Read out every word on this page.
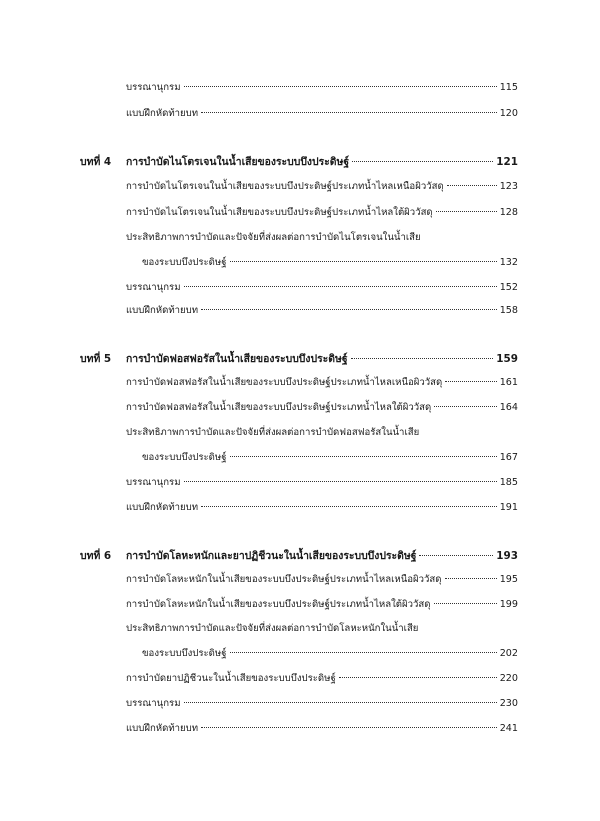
บรรณานุกรม	115
แบบฝึกหัดท้ายบท	120
บทที่ 4	การบำบัดไนโตรเจนในน้ำเสียของระบบบึงประดิษฐ์	121
การบำบัดไนโตรเจนในน้ำเสียของระบบบึงประดิษฐ์ประเภทน้ำไหลเหนือผิววัสดุ	123
การบำบัดไนโตรเจนในน้ำเสียของระบบบึงประดิษฐ์ประเภทน้ำไหลใต้ผิววัสดุ	128
ประสิทธิภาพการบำบัดและปัจจัยที่ส่งผลต่อการบำบัดไนโตรเจนในน้ำเสีย
ของระบบบึงประดิษฐ์	132
บรรณานุกรม	152
แบบฝึกหัดท้ายบท	158
บทที่ 5	การบำบัดฟอสฟอรัสในน้ำเสียของระบบบึงประดิษฐ์	159
การบำบัดฟอสฟอรัสในน้ำเสียของระบบบึงประดิษฐ์ประเภทน้ำไหลเหนือผิววัสดุ	161
การบำบัดฟอสฟอรัสในน้ำเสียของระบบบึงประดิษฐ์ประเภทน้ำไหลใต้ผิววัสดุ	164
ประสิทธิภาพการบำบัดและปัจจัยที่ส่งผลต่อการบำบัดฟอสฟอรัสในน้ำเสีย
ของระบบบึงประดิษฐ์	167
บรรณานุกรม	185
แบบฝึกหัดท้ายบท	191
บทที่ 6	การบำบัดโลหะหนักและยาปฏิชีวนะในน้ำเสียของระบบบึงประดิษฐ์	193
การบำบัดโลหะหนักในน้ำเสียของระบบบึงประดิษฐ์ประเภทน้ำไหลเหนือผิววัสดุ	195
การบำบัดโลหะหนักในน้ำเสียของระบบบึงประดิษฐ์ประเภทน้ำไหลใต้ผิววัสดุ	199
ประสิทธิภาพการบำบัดและปัจจัยที่ส่งผลต่อการบำบัดโลหะหนักในน้ำเสีย
ของระบบบึงประดิษฐ์	202
การบำบัดยาปฏิชีวนะในน้ำเสียของระบบบึงประดิษฐ์	220
บรรณานุกรม	230
แบบฝึกหัดท้ายบท	241
